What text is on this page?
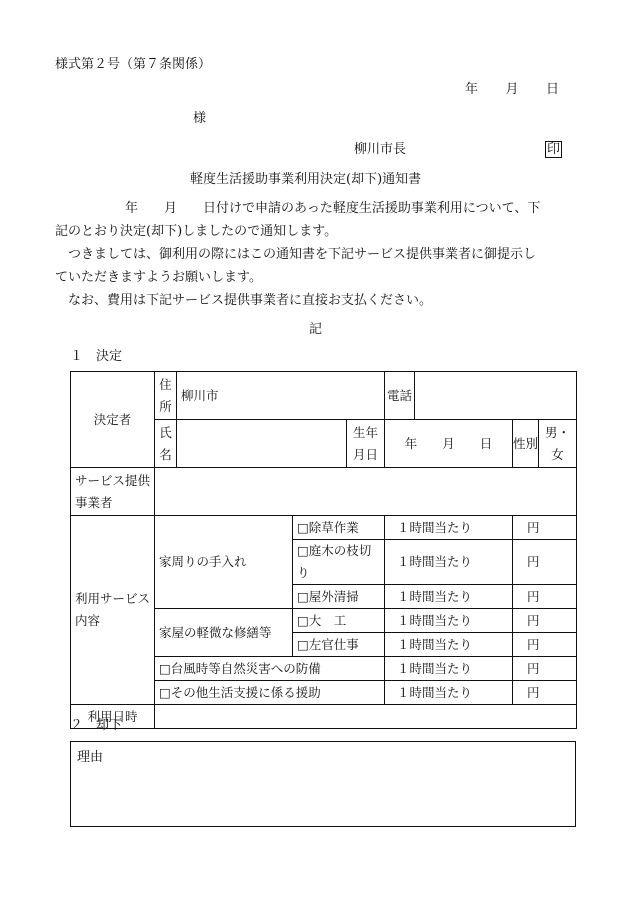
様式第２号（第７条関係）
年　　月　　日
様
柳川市長	印
軽度生活援助事業利用決定(却下)通知書
年　　月　　日付けで申請のあった軽度生活援助事業利用について、下
記のとおり決定(却下)しましたので通知します。
　つきましては、御利用の際にはこの通知書を下記サービス提供事業者に御提示し
ていただきますようお願いします。
　なお、費用は下記サービス提供事業者に直接お支払ください。
記
１　決定
決定者	住所	柳川市			電話			
	氏名			生年月日	年　　月　　日		性別	男・女
サービス提供事業者								
利用サービス内容	家周りの手入れ		□除草作業		１時間当たり		円	
			□庭木の枝切り		１時間当たり		円	
			□屋外清掃		１時間当たり		円	
	家屋の軽微な修繕等		□大　工		１時間当たり		円	
			□左官仕事		１時間当たり		円	
	□台風時等自然災害への防備				１時間当たり		円	
	□その他生活支援に係る援助				１時間当たり		円	
利用日時								
２　却下
理由
